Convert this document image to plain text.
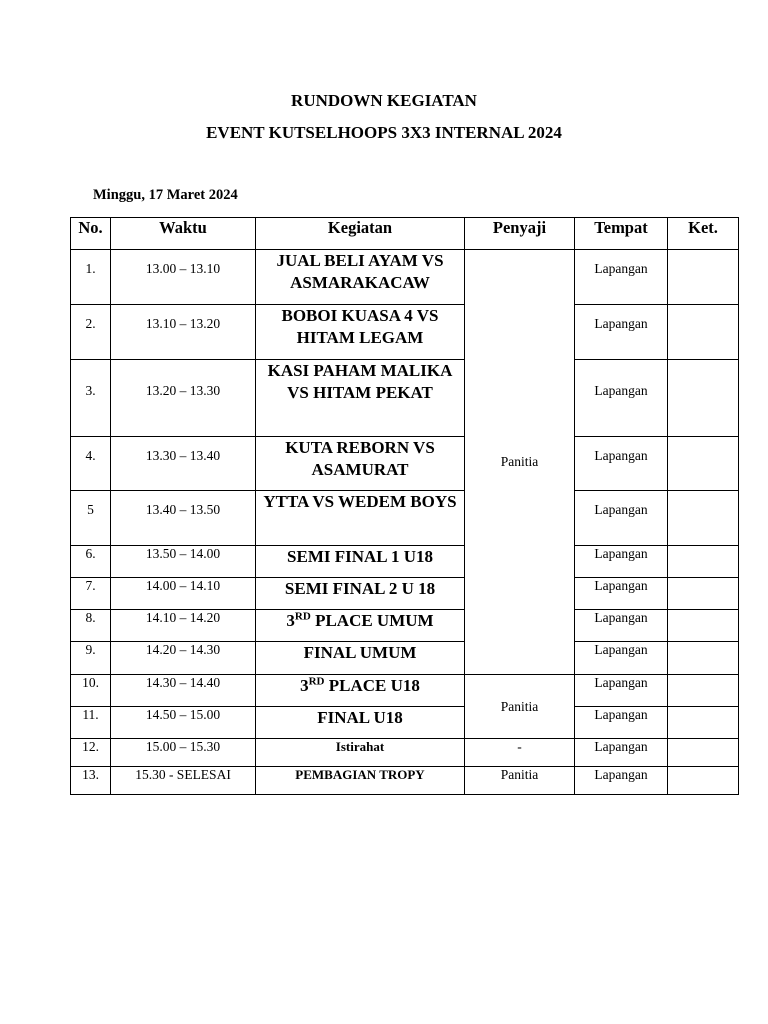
RUNDOWN KEGIATAN
EVENT KUTSELHOOPS 3X3 INTERNAL 2024
Minggu, 17 Maret 2024
No.	Waktu	Kegiatan	Penyaji	Tempat	Ket.
1.	13.00 – 13.10	JUAL BELI AYAM VS ASMARAKACAW	Panitia	Lapangan	
2.	13.10 – 13.20	BOBOI KUASA 4 VS HITAM LEGAM		Lapangan	
3.	13.20 – 13.30	KASI PAHAM MALIKA VS HITAM PEKAT		Lapangan	
4.	13.30 – 13.40	KUTA REBORN VS ASAMURAT		Lapangan	
5	13.40 – 13.50	YTTA VS WEDEM BOYS		Lapangan	
6.	13.50 – 14.00	SEMI FINAL 1 U18		Lapangan	
7.	14.00 – 14.10	SEMI FINAL 2 U 18		Lapangan	
8.	14.10 – 14.20	3RD PLACE UMUM		Lapangan	
9.	14.20 – 14.30	FINAL UMUM		Lapangan	
10.	14.30 – 14.40	3RD PLACE U18	Panitia	Lapangan	
11.	14.50 – 15.00	FINAL U18		Lapangan	
12.	15.00 – 15.30	Istirahat	-	Lapangan	
13.	15.30 - SELESAI	PEMBAGIAN TROPY	Panitia	Lapangan	
